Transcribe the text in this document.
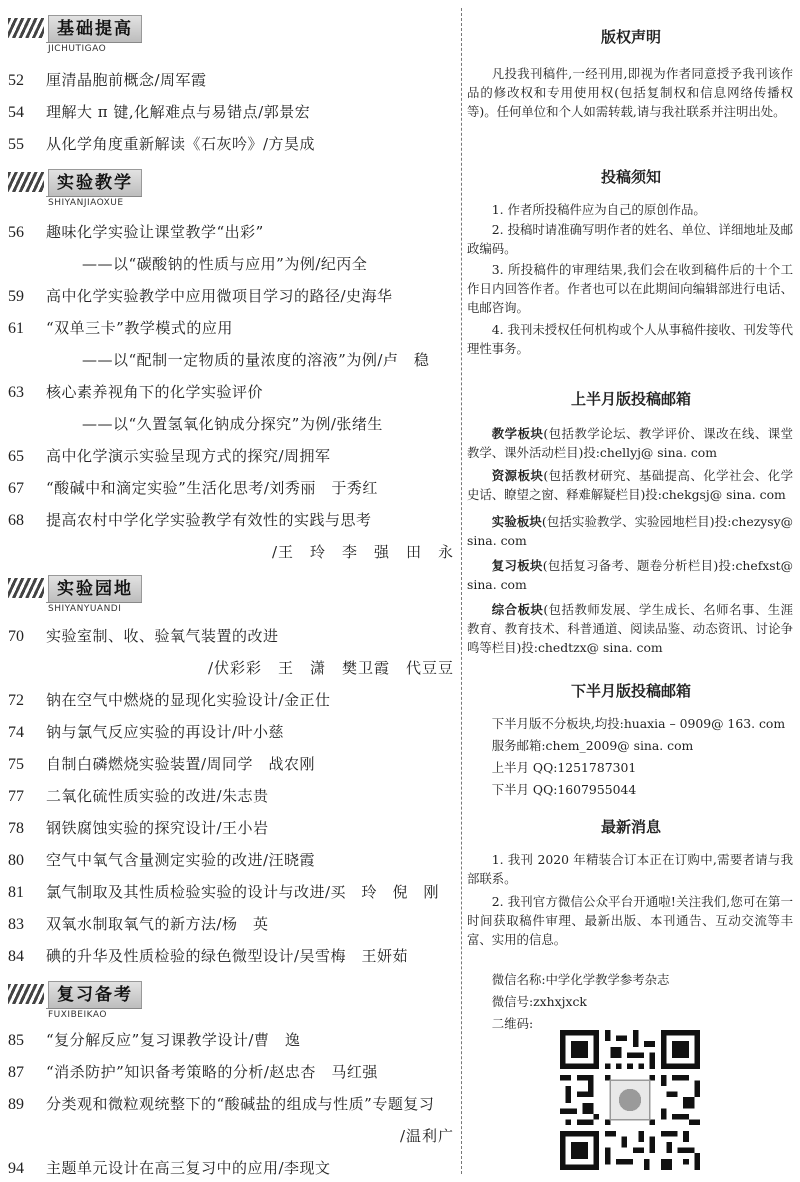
基础提高
JICHUTIGAO
52 厘清晶胞前概念/周军霞
54 理解大 π 键,化解难点与易错点/郭景宏
55 从化学角度重新解读《石灰吟》/方昊成
实验教学
SHIYANJIAOXUE
56 趣味化学实验让课堂教学“出彩”
——以“碳酸钠的性质与应用”为例/纪丙全
59 高中化学实验教学中应用微项目学习的路径/史海华
61 “双单三卡”教学模式的应用
——以“配制一定物质的量浓度的溶液”为例/卢　稳
63 核心素养视角下的化学实验评价
——以“久置氢氧化钠成分探究”为例/张绪生
65 高中化学演示实验呈现方式的探究/周拥军
67 “酸碱中和滴定实验”生活化思考/刘秀丽　于秀红
68 提高农村中学化学实验教学有效性的实践与思考
/王　玲　李　强　田　永
实验园地
SHIYANYUANDI
70 实验室制、收、验氧气装置的改进
/伏彩彩　王　潇　樊卫霞　代豆豆
72 钠在空气中燃烧的显现化实验设计/金正仕
74 钠与氯气反应实验的再设计/叶小慈
75 自制白磷燃烧实验装置/周同学　战农刚
77 二氧化硫性质实验的改进/朱志贵
78 钢铁腐蚀实验的探究设计/王小岩
80 空气中氧气含量测定实验的改进/汪晓霞
81 氯气制取及其性质检验实验的设计与改进/买　玲　倪　刚
83 双氧水制取氧气的新方法/杨　英
84 碘的升华及性质检验的绿色微型设计/吴雪梅　王妍茹
复习备考
FUXIBEIKAO
85 “复分解反应”复习课教学设计/曹　逸
87 “消杀防护”知识备考策略的分析/赵忠杏　马红强
89 分类观和微粒观统整下的“酸碱盐的组成与性质”专题复习
/温利广
94 主题单元设计在高三复习中的应用/李现文
版权声明
凡投我刊稿件,一经刊用,即视为作者同意授予我刊该作品的修改权和专用使用权(包括复制权和信息网络传播权等)。任何单位和个人如需转载,请与我社联系并注明出处。
投稿须知
1. 作者所投稿件应为自己的原创作品。
2. 投稿时请准确写明作者的姓名、单位、详细地址及邮政编码。
3. 所投稿件的审理结果,我们会在收到稿件后的十个工作日内回答作者。作者也可以在此期间向编辑部进行电话、电邮咨询。
4. 我刊未授权任何机构或个人从事稿件接收、刊发等代理性事务。
上半月版投稿邮箱
教学板块(包括教学论坛、教学评价、课改在线、课堂教学、课外活动栏目)投:chellyj@ sina. com
资源板块(包括教材研究、基础提高、化学社会、化学史话、瞭望之窗、释难解疑栏目)投:chekgsj@ sina. com
实验板块(包括实验教学、实验园地栏目)投:chezysy@ sina. com
复习板块(包括复习备考、题卷分析栏目)投:chefxst@ sina. com
综合板块(包括教师发展、学生成长、名师名事、生涯教育、教育技术、科普通道、阅读品鉴、动态资讯、讨论争鸣等栏目)投:chedtzx@ sina. com
下半月版投稿邮箱
下半月版不分板块,均投:huaxia – 0909@ 163. com
服务邮箱:chem_2009@ sina. com
上半月 QQ:1251787301
下半月 QQ:1607955044
最新消息
1. 我刊 2020 年精装合订本正在订购中,需要者请与我部联系。
2. 我刊官方微信公众平台开通啦!关注我们,您可在第一时间获取稿件审理、最新出版、本刊通告、互动交流等丰富、实用的信息。
微信名称:中学化学教学参考杂志
微信号:zxhxjxck
二维码:
